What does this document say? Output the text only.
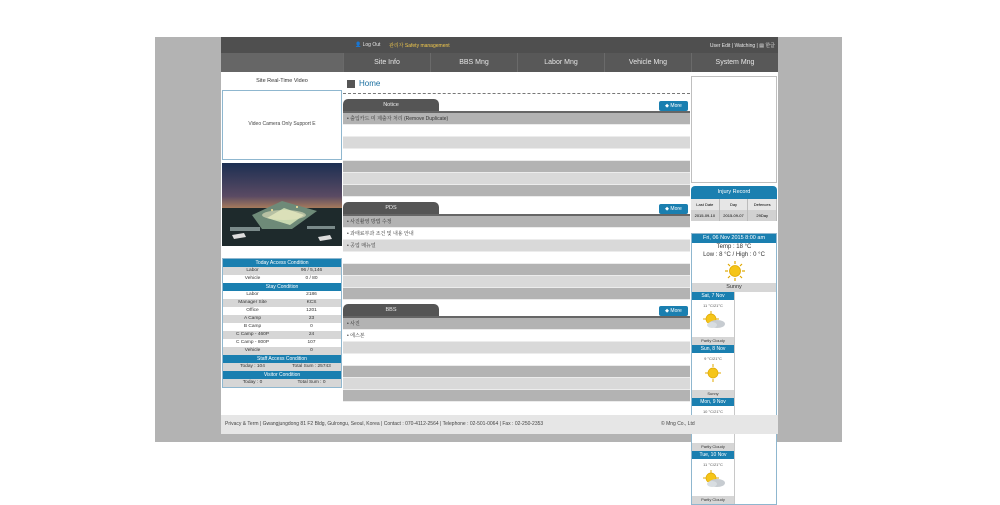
👤 Log Out 관리자 Safety management	User Edit | Watching | ▤ 한글
Site Info	BBS Mng	Labor Mng	Vehicle Mng	System Mng
Site Real-Time Video
Video Camera Only Support E
Today Access Condition
Labor	96 / 5,146
Vehicle	0 / 80
Stay Condition
Labor	2186
Manager Site	KCS
Office	1201
A Camp	23
B Camp	0
C Camp - 460P	24
C Camp - 800P	107
Vehicle	0
Staff Access Condition
Today : 104	Total Sum : 25743
Visitor Condition
Today : 0	Total Sum : 0
Home
Notice	◆ More
• 출입카드 미 제출자 처리 (Remove Duplicate)
PDS	◆ More
• 사진촬영 방법 수정
• 과태료부과 조건 및 내용 안내
• 공업 매뉴얼
BBS	◆ More
• 사진
• 에스본
Injury Record
Last Date	Day	Defences
2015-09-10	2015-09-07	29Day
Fri, 06 Nov 2015 8:00 am
Temp : 18 °C
Low : 8 °C / High : 0 °C
Sunny
Sat, 7 Nov
11 °C/21°C
Partly Cloudy
Sun, 8 Nov
9 °C/21°C
Sunny
Mon, 9 Nov
10 °C/21°C
Partly Cloudy
Tue, 10 Nov
11 °C/21°C
Partly Cloudy
Privacy & Term | Gwangjungdong 81 F2 Bldg, Gulrongu, Seoul, Korea | Contact : 070-4112-2564 | Telephone : 02-501-0064 | Fax : 02-250-2353	© Mng Co., Ltd
